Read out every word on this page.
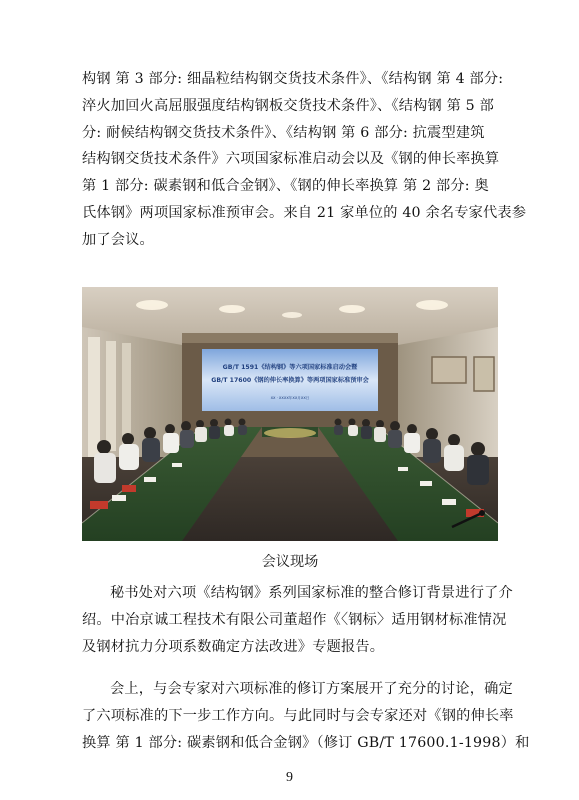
构钢 第 3 部分: 细晶粒结构钢交货技术条件》、《结构钢 第 4 部分:
淬火加回火高屈服强度结构钢板交货技术条件》、《结构钢 第 5 部
分: 耐候结构钢交货技术条件》、《结构钢 第 6 部分: 抗震型建筑
结构钢交货技术条件》六项国家标准启动会以及《钢的伸长率换算
第 1 部分: 碳素钢和低合金钢》、《钢的伸长率换算 第 2 部分: 奥
氏体钢》两项国家标准预审会。来自 21 家单位的 40 余名专家代表参
加了会议。

GB/T 1591《结构钢》等六项国家标准启动会暨
GB/T 17600《钢的伸长率换算》等两项国家标准预审会
XX · XXXX年XX月XX日
会议现场

秘书处对六项《结构钢》系列国家标准的整合修订背景进行了介
绍。中冶京诚工程技术有限公司董超作《〈钢标〉适用钢材标准情况
及钢材抗力分项系数确定方法改进》专题报告。

会上，与会专家对六项标准的修订方案展开了充分的讨论，确定
了六项标准的下一步工作方向。与此同时与会专家还对《钢的伸长率
换算 第 1 部分: 碳素钢和低合金钢》（修订 GB/T 17600.1-1998）和

9
